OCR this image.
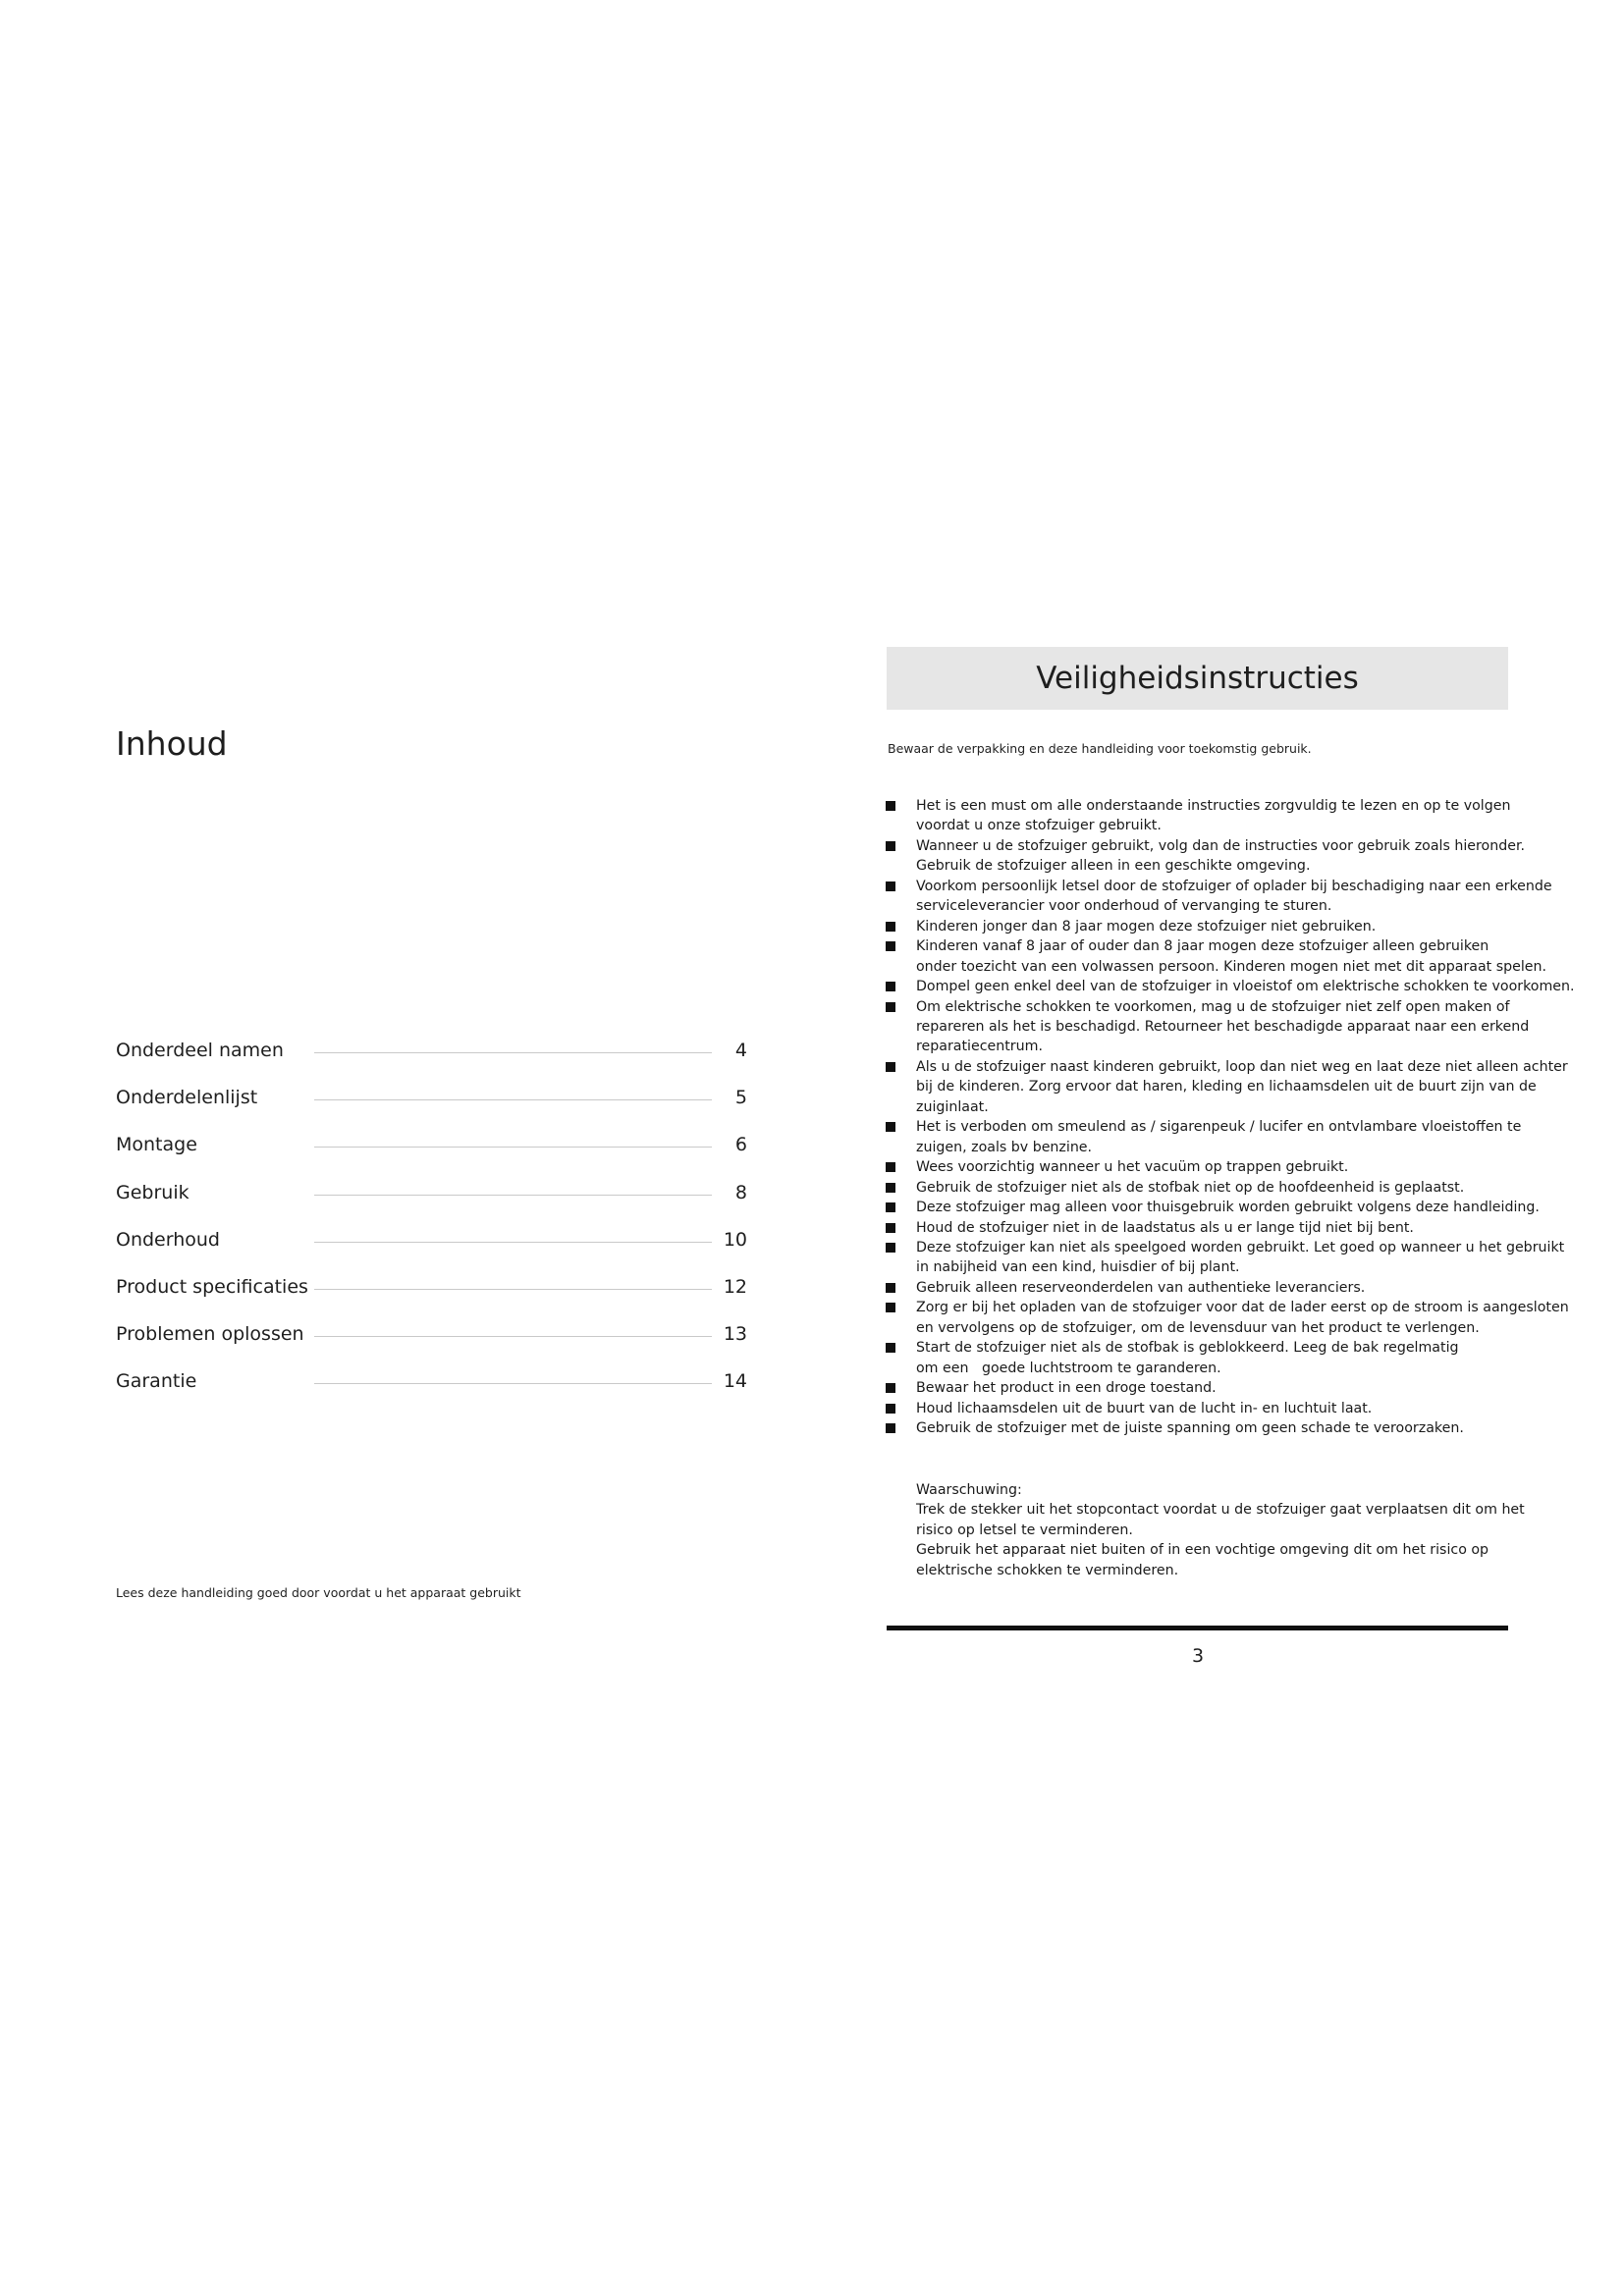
Inhoud
Onderdeel namen	4
Onderdelenlijst	5
Montage	6
Gebruik	8
Onderhoud	10
Product specificaties	12
Problemen oplossen	13
Garantie	14
Lees deze handleiding goed door voordat u het apparaat gebruikt
Veiligheidsinstructies
Bewaar de verpakking en deze handleiding voor toekomstig gebruik.
Het is een must om alle onderstaande instructies zorgvuldig te lezen en op te volgen
voordat u onze stofzuiger gebruikt.
Wanneer u de stofzuiger gebruikt, volg dan de instructies voor gebruik zoals hieronder.
Gebruik de stofzuiger alleen in een geschikte omgeving.
Voorkom persoonlijk letsel door de stofzuiger of oplader bij beschadiging naar een erkende
serviceleverancier voor onderhoud of vervanging te sturen.
Kinderen jonger dan 8 jaar mogen deze stofzuiger niet gebruiken.
Kinderen vanaf 8 jaar of ouder dan 8 jaar mogen deze stofzuiger alleen gebruiken
onder toezicht van een volwassen persoon. Kinderen mogen niet met dit apparaat spelen.
Dompel geen enkel deel van de stofzuiger in vloeistof om elektrische schokken te voorkomen.
Om elektrische schokken te voorkomen, mag u de stofzuiger niet zelf open maken of
repareren als het is beschadigd. Retourneer het beschadigde apparaat naar een erkend
reparatiecentrum.
Als u de stofzuiger naast kinderen gebruikt, loop dan niet weg en laat deze niet alleen achter
bij de kinderen. Zorg ervoor dat haren, kleding en lichaamsdelen uit de buurt zijn van de
zuiginlaat.
Het is verboden om smeulend as / sigarenpeuk / lucifer en ontvlambare vloeistoffen te
zuigen, zoals bv benzine.
Wees voorzichtig wanneer u het vacuüm op trappen gebruikt.
Gebruik de stofzuiger niet als de stofbak niet op de hoofdeenheid is geplaatst.
Deze stofzuiger mag alleen voor thuisgebruik worden gebruikt volgens deze handleiding.
Houd de stofzuiger niet in de laadstatus als u er lange tijd niet bij bent.
Deze stofzuiger kan niet als speelgoed worden gebruikt. Let goed op wanneer u het gebruikt
in nabijheid van een kind, huisdier of bij plant.
Gebruik alleen reserveonderdelen van authentieke leveranciers.
Zorg er bij het opladen van de stofzuiger voor dat de lader eerst op de stroom is aangesloten
en vervolgens op de stofzuiger, om de levensduur van het product te verlengen.
Start de stofzuiger niet als de stofbak is geblokkeerd. Leeg de bak regelmatig
om een   goede luchtstroom te garanderen.
Bewaar het product in een droge toestand.
Houd lichaamsdelen uit de buurt van de lucht in- en luchtuit laat.
Gebruik de stofzuiger met de juiste spanning om geen schade te veroorzaken.
Waarschuwing:
Trek de stekker uit het stopcontact voordat u de stofzuiger gaat verplaatsen dit om het
risico op letsel te verminderen.
Gebruik het apparaat niet buiten of in een vochtige omgeving dit om het risico op
elektrische schokken te verminderen.
3
